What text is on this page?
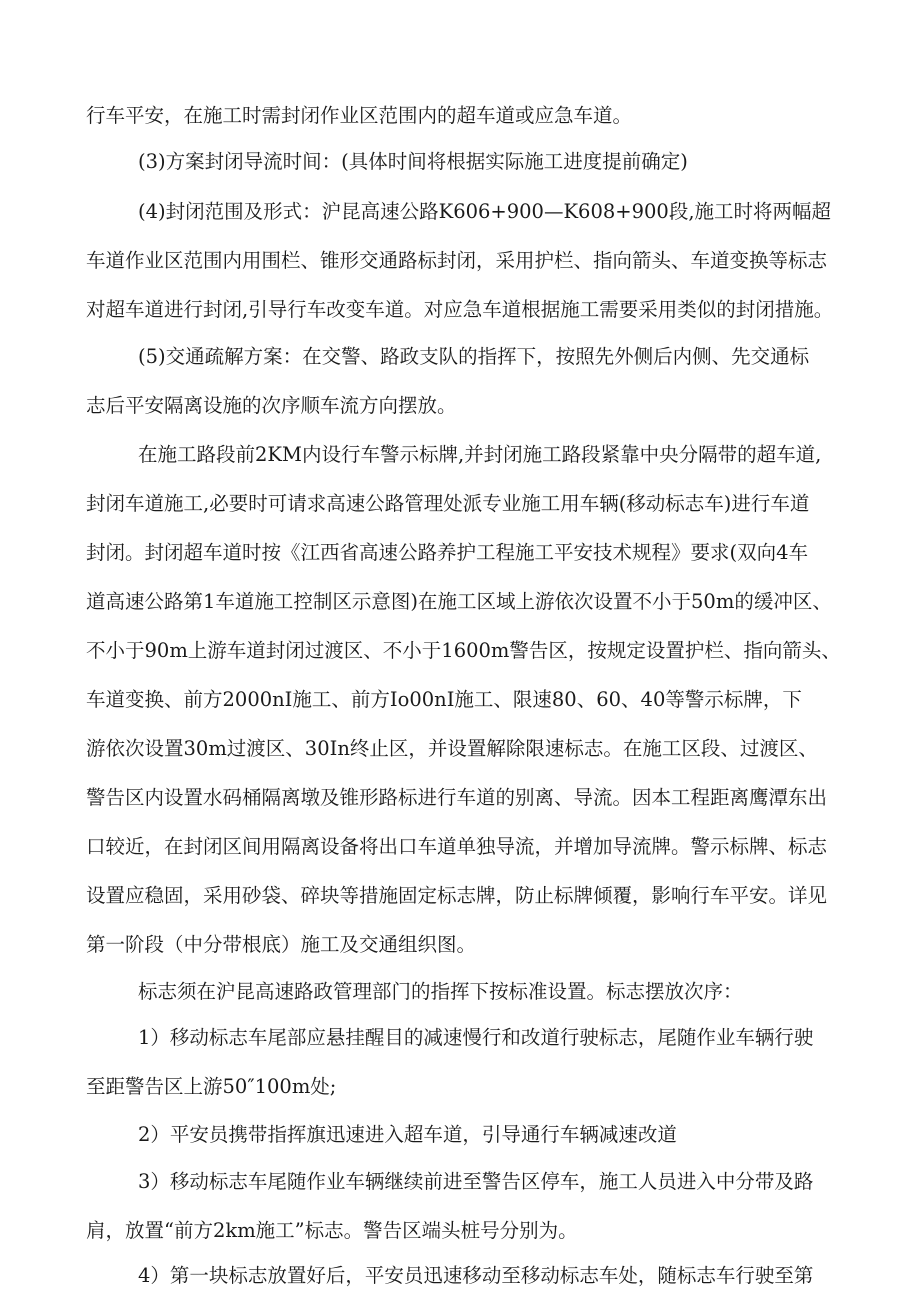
行车平安，在施工时需封闭作业区范围内的超车道或应急车道。
(3)方案封闭导流时间：(具体时间将根据实际施工进度提前确定)
(4)封闭范围及形式：沪昆高速公路K606+900—K608+900段,施工时将两幅超
车道作业区范围内用围栏、锥形交通路标封闭，采用护栏、指向箭头、车道变换等标志
对超车道进行封闭,引导行车改变车道。对应急车道根据施工需要采用类似的封闭措施。
(5)交通疏解方案：在交警、路政支队的指挥下，按照先外侧后内侧、先交通标
志后平安隔离设施的次序顺车流方向摆放。
在施工路段前2KM内设行车警示标牌,并封闭施工路段紧靠中央分隔带的超车道,
封闭车道施工,必要时可请求高速公路管理处派专业施工用车辆(移动标志车)进行车道
封闭。封闭超车道时按《江西省高速公路养护工程施工平安技术规程》要求(双向4车
道高速公路第1车道施工控制区示意图)在施工区域上游依次设置不小于50m的缓冲区、
不小于90m上游车道封闭过渡区、不小于1600m警告区，按规定设置护栏、指向箭头、
车道变换、前方2000nI施工、前方Io00nI施工、限速80、60、40等警示标牌，下
游依次设置30m过渡区、30In终止区，并设置解除限速标志。在施工区段、过渡区、
警告区内设置水码桶隔离墩及锥形路标进行车道的别离、导流。因本工程距离鹰潭东出
口较近，在封闭区间用隔离设备将出口车道单独导流，并增加导流牌。警示标牌、标志
设置应稳固，采用砂袋、碎块等措施固定标志牌，防止标牌倾覆，影响行车平安。详见
第一阶段（中分带根底）施工及交通组织图。
标志须在沪昆高速路政管理部门的指挥下按标准设置。标志摆放次序：
1）移动标志车尾部应悬挂醒目的减速慢行和改道行驶标志，尾随作业车辆行驶
至距警告区上游50″100m处;
2）平安员携带指挥旗迅速进入超车道，引导通行车辆减速改道
3）移动标志车尾随作业车辆继续前进至警告区停车，施工人员进入中分带及路
肩，放置“前方2km施工”标志。警告区端头桩号分别为。
4）第一块标志放置好后，平安员迅速移动至移动标志车处，随标志车行驶至第
